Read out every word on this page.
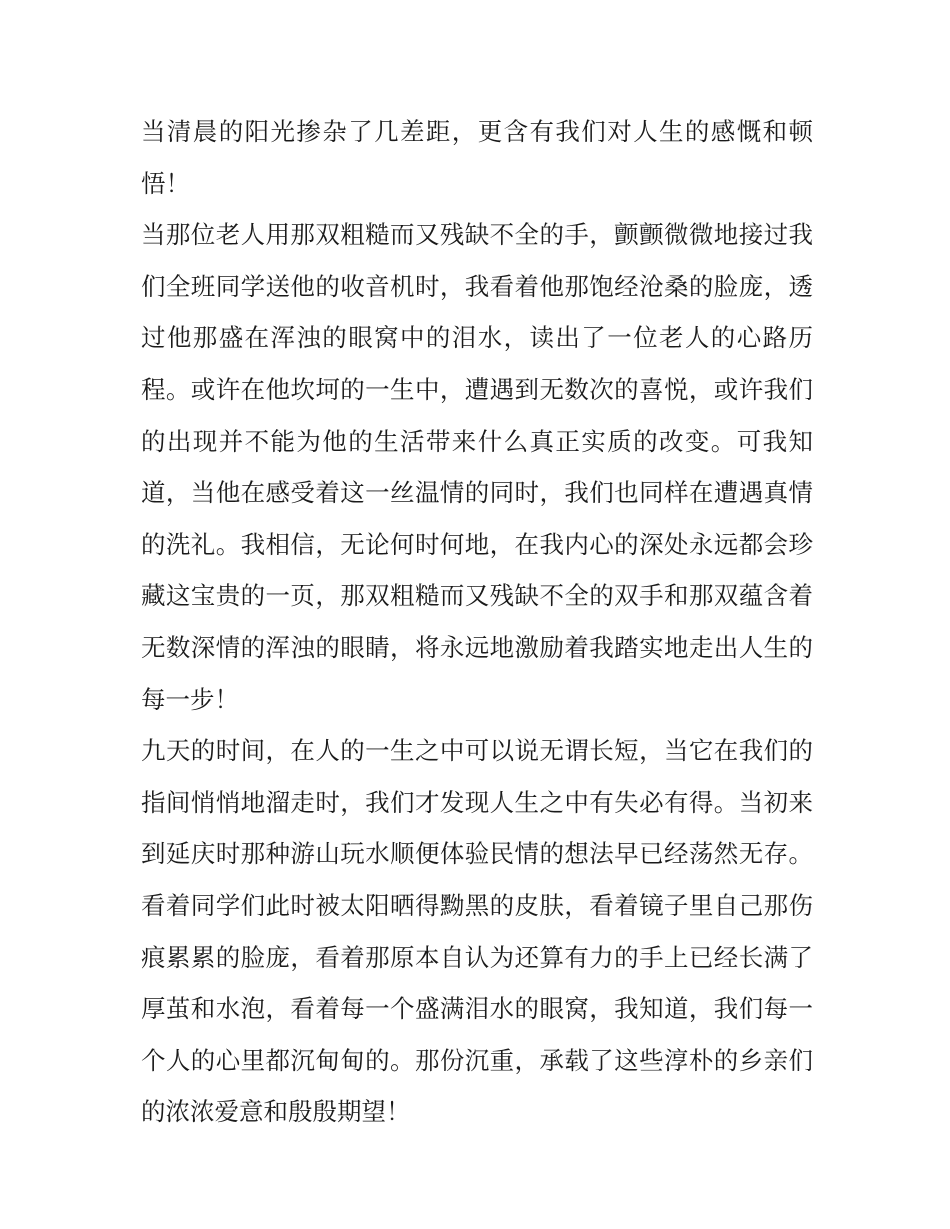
当清晨的阳光掺杂了几差距，更含有我们对人生的感慨和顿悟！

当那位老人用那双粗糙而又残缺不全的手，颤颤微微地接过我们全班同学送他的收音机时，我看着他那饱经沧桑的脸庞，透过他那盛在浑浊的眼窝中的泪水，读出了一位老人的心路历程。或许在他坎坷的一生中，遭遇到无数次的喜悦，或许我们的出现并不能为他的生活带来什么真正实质的改变。可我知道，当他在感受着这一丝温情的同时，我们也同样在遭遇真情的洗礼。我相信，无论何时何地，在我内心的深处永远都会珍藏这宝贵的一页，那双粗糙而又残缺不全的双手和那双蕴含着无数深情的浑浊的眼睛，将永远地激励着我踏实地走出人生的每一步！

九天的时间，在人的一生之中可以说无谓长短，当它在我们的指间悄悄地溜走时，我们才发现人生之中有失必有得。当初来到延庆时那种游山玩水顺便体验民情的想法早已经荡然无存。看着同学们此时被太阳晒得黝黑的皮肤，看着镜子里自己那伤痕累累的脸庞，看着那原本自认为还算有力的手上已经长满了厚茧和水泡，看着每一个盛满泪水的眼窝，我知道，我们每一个人的心里都沉甸甸的。那份沉重，承载了这些淳朴的乡亲们的浓浓爱意和殷殷期望！
